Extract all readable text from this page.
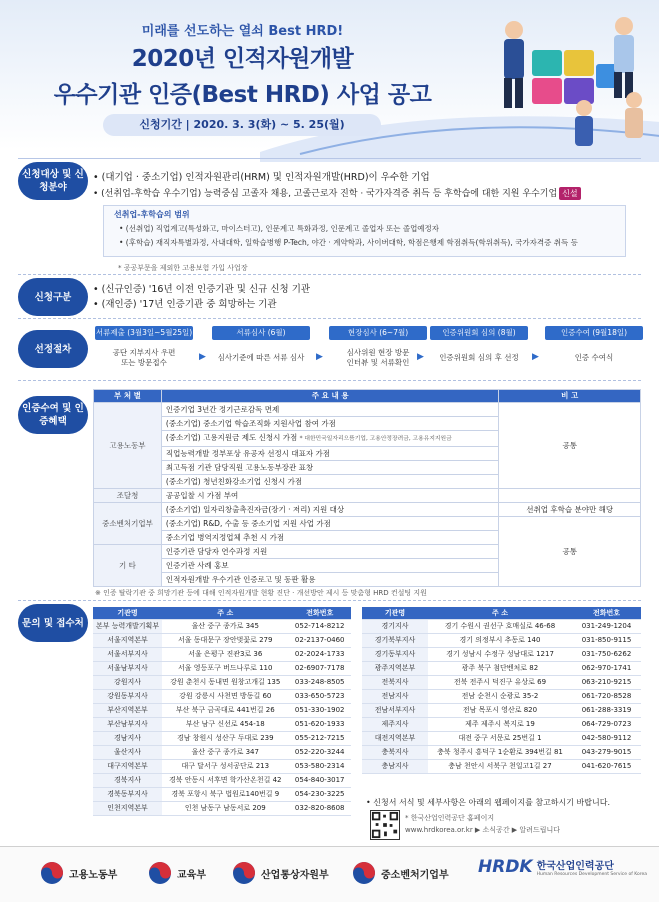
미래를 선도하는 열쇠 Best HRD!
2020년 인적자원개발
우수기관 인증(Best HRD) 사업 공고
신청기간 | 2020. 3. 3(화) ~ 5. 25(월)
신청대상 및 신청분야
• (대기업 · 중소기업) 인적자원관리(HRM) 및 인적자원개발(HRD)이 우수한 기업
• (선취업-후학습 우수기업) 능력중심 고졸자 채용, 고졸근로자 진학 · 국가자격증 취득 등 후학습에 대한 지원 우수기업 신설
선취업-후학습의 범위
• (선취업) 직업계고(특성화고, 마이스터고), 인문계고 특화과정, 인문계고 졸업자 또는 졸업예정자
• (후학습) 재직자특별과정, 사내대학, 일학습병행 P-Tech, 야간 · 계약학과, 사이버대학, 학점은행제 학점취득(학위취득), 국가자격증 취득 등
* 공공부문을 제외한 고용보험 가입 사업장
신청구분
• (신규인증) '16년 이전 인증기관 및 신규 신청 기관
• (재인증) '17년 인증기관 중 희망하는 기관
선정절차
서류제출 (3월3일~5월25일)
공단 지부지사 우편
또는 방문접수
▶
서류심사 (6월)
심사기준에 따른 서류 심사 ▶
현장심사 (6~7월)
심사위원 현장 방문
인터뷰 및 서류확인
▶
인증위원회 심의 (8월)
인증위원회 심의 후 선정 ▶
인증수여 (9월18일)
인증 수여식
인증수여 및 인증혜택
부 처 별	주 요 내 용	비 고
고용노동부	인증기업 3년간 정기근로감독 면제	공통
	(중소기업) 중소기업 학습조직화 지원사업 참여 가점	
	(중소기업) 고용지원금 제도 신청시 가점 * 대한민국일자리으뜸기업, 고용안정장려금, 고용유지지원금	
	직업능력개발 정부포상 유공자 선정시 대표자 가점	
	최고득점 기관 담당직원 고용노동부장관 표창	
	(중소기업) 청년친화강소기업 신청시 가점	
조달청	공공입찰 시 가점 부여	
중소벤처기업부	(중소기업) 일자리창출촉진자금(장기 · 저리) 지원 대상	선취업 후학습 분야만 해당
	(중소기업) R&D, 수출 등 중소기업 지원 사업 가점	공통
	중소기업 병역지정업체 추천 시 가점	
기 타	인증기관 담당자 연수과정 지원	
	인증기관 사례 홍보	
	인적자원개발 우수기관 인증로고 및 동판 활용	
※ 인증 탈락기관 중 희망기관 등에 대해 인적자원개발 현황 진단 · 개선방안 제시 등 맞춤형 HRD 컨설팅 지원
문의 및 접수처
기관명	주 소	전화번호
본부 능력개발기획부	울산 중구 종가로 345	052-714-8212
서울지역본부	서울 동대문구 장안벚꽃로 279	02-2137-0460
서울서부지사	서울 은평구 진관3로 36	02-2024-1733
서울남부지사	서울 영등포구 버드나루로 110	02-6907-7178
강원지사	강원 춘천시 동내면 원창고개길 135	033-248-8505
강원동부지사	강원 강릉시 사천면 방동길 60	033-650-5723
부산지역본부	부산 북구 금곡대로 441번길 26	051-330-1902
부산남부지사	부산 남구 신선로 454-18	051-620-1933
경남지사	경남 창원시 성산구 두대로 239	055-212-7215
울산지사	울산 중구 종가로 347	052-220-3244
대구지역본부	대구 달서구 성서공단로 213	053-580-2314
경북지사	경북 안동시 서후면 학가산온천길 42	054-840-3017
경북동부지사	경북 포항시 북구 법원로140번길 9	054-230-3225
인천지역본부	인천 남동구 남동서로 209	032-820-8608
기관명	주 소	전화번호
경기지사	경기 수원시 권선구 호매실로 46-68	031-249-1204
경기북부지사	경기 의정부시 추동로 140	031-850-9115
경기동부지사	경기 성남시 수정구 성남대로 1217	031-750-6262
광주지역본부	광주 북구 첨단벤처로 82	062-970-1741
전북지사	전북 전주시 덕진구 유상로 69	063-210-9215
전남지사	전남 순천시 순광로 35-2	061-720-8528
전남서부지사	전남 목포시 영산로 820	061-288-3319
제주지사	제주 제주시 복지로 19	064-729-0723
대전지역본부	대전 중구 서문로 25번길 1	042-580-9112
충북지사	충북 청주시 흥덕구 1순환로 394번길 81	043-279-9015
충남지사	충남 천안시 서북구 천일고1길 27	041-620-7615
• 신청서 서식 및 세부사항은 아래의 웹페이지를 참고하시기 바랍니다.
* 한국산업인력공단 홈페이지
www.hrdkorea.or.kr ▶ 소식공간 ▶ 알려드립니다
고용노동부	교육부	산업통상자원부	중소벤처기업부 HRDK 한국산업인력공단
Human Resources Development Service of Korea
